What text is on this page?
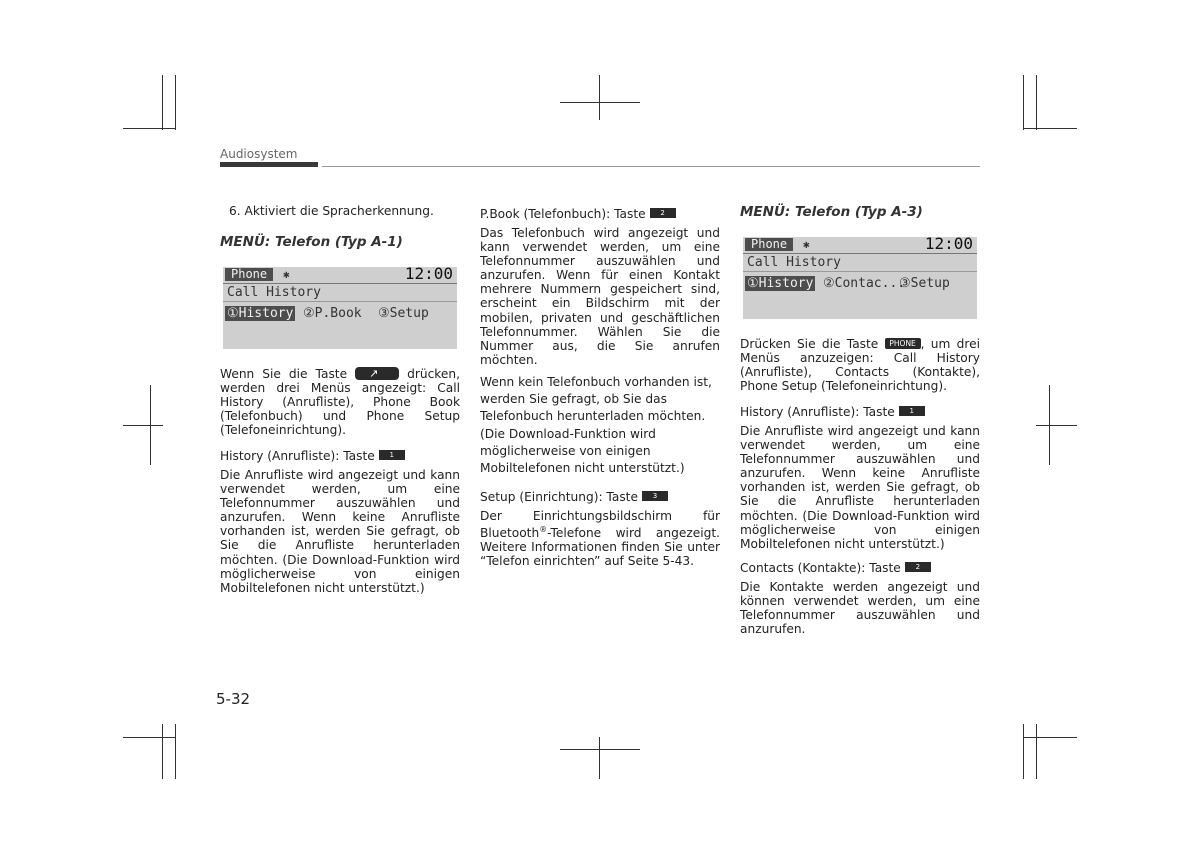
Audiosystem

6. Aktiviert die Spracherkennung.

MENÜ: Telefon (Typ A-1)

Phone	✱	12:00
Call History
①History ②P.Book ③Setup

Wenn Sie die Taste ↗ drücken, werden drei Menüs angezeigt: Call History (Anrufliste), Phone Book (Telefonbuch) und Phone Setup (Telefoneinrichtung).

History (Anrufliste): Taste 1

Die Anrufliste wird angezeigt und kann verwendet werden, um eine Telefonnummer auszuwählen und anzurufen. Wenn keine Anrufliste vorhanden ist, werden Sie gefragt, ob Sie die Anrufliste herunterladen möchten. (Die Download-Funktion wird möglicherweise von einigen Mobiltelefonen nicht unterstützt.)

P.Book (Telefonbuch): Taste 2

Das Telefonbuch wird angezeigt und kann verwendet werden, um eine Telefonnummer auszuwählen und anzurufen. Wenn für einen Kontakt mehrere Nummern gespeichert sind, erscheint ein Bildschirm mit der mobilen, privaten und geschäftlichen Telefonnummer. Wählen Sie die Nummer aus, die Sie anrufen möchten.

Wenn kein Telefonbuch vorhanden ist, werden Sie gefragt, ob Sie das Telefonbuch herunterladen möchten. (Die Download-Funktion wird möglicherweise von einigen Mobiltelefonen nicht unterstützt.)

Setup (Einrichtung): Taste 3

Der Einrichtungsbildschirm für Bluetooth®-Telefone wird angezeigt. Weitere Informationen finden Sie unter “Telefon einrichten” auf Seite 5-43.

MENÜ: Telefon (Typ A-3)

Phone	✱	12:00
Call History
①History ②Contac...
③Setup

Drücken Sie die Taste PHONE , um drei Menüs anzuzeigen: Call History (Anrufliste), Contacts (Kontakte), Phone Setup (Telefoneinrichtung).

History (Anrufliste): Taste 1

Die Anrufliste wird angezeigt und kann verwendet werden, um eine Telefonnummer auszuwählen und anzurufen. Wenn keine Anrufliste vorhanden ist, werden Sie gefragt, ob Sie die Anrufliste herunterladen möchten. (Die Download-Funktion wird möglicherweise von einigen Mobiltelefonen nicht unterstützt.)

Contacts (Kontakte): Taste 2

Die Kontakte werden angezeigt und können verwendet werden, um eine Telefonnummer auszuwählen und anzurufen.

5-32
